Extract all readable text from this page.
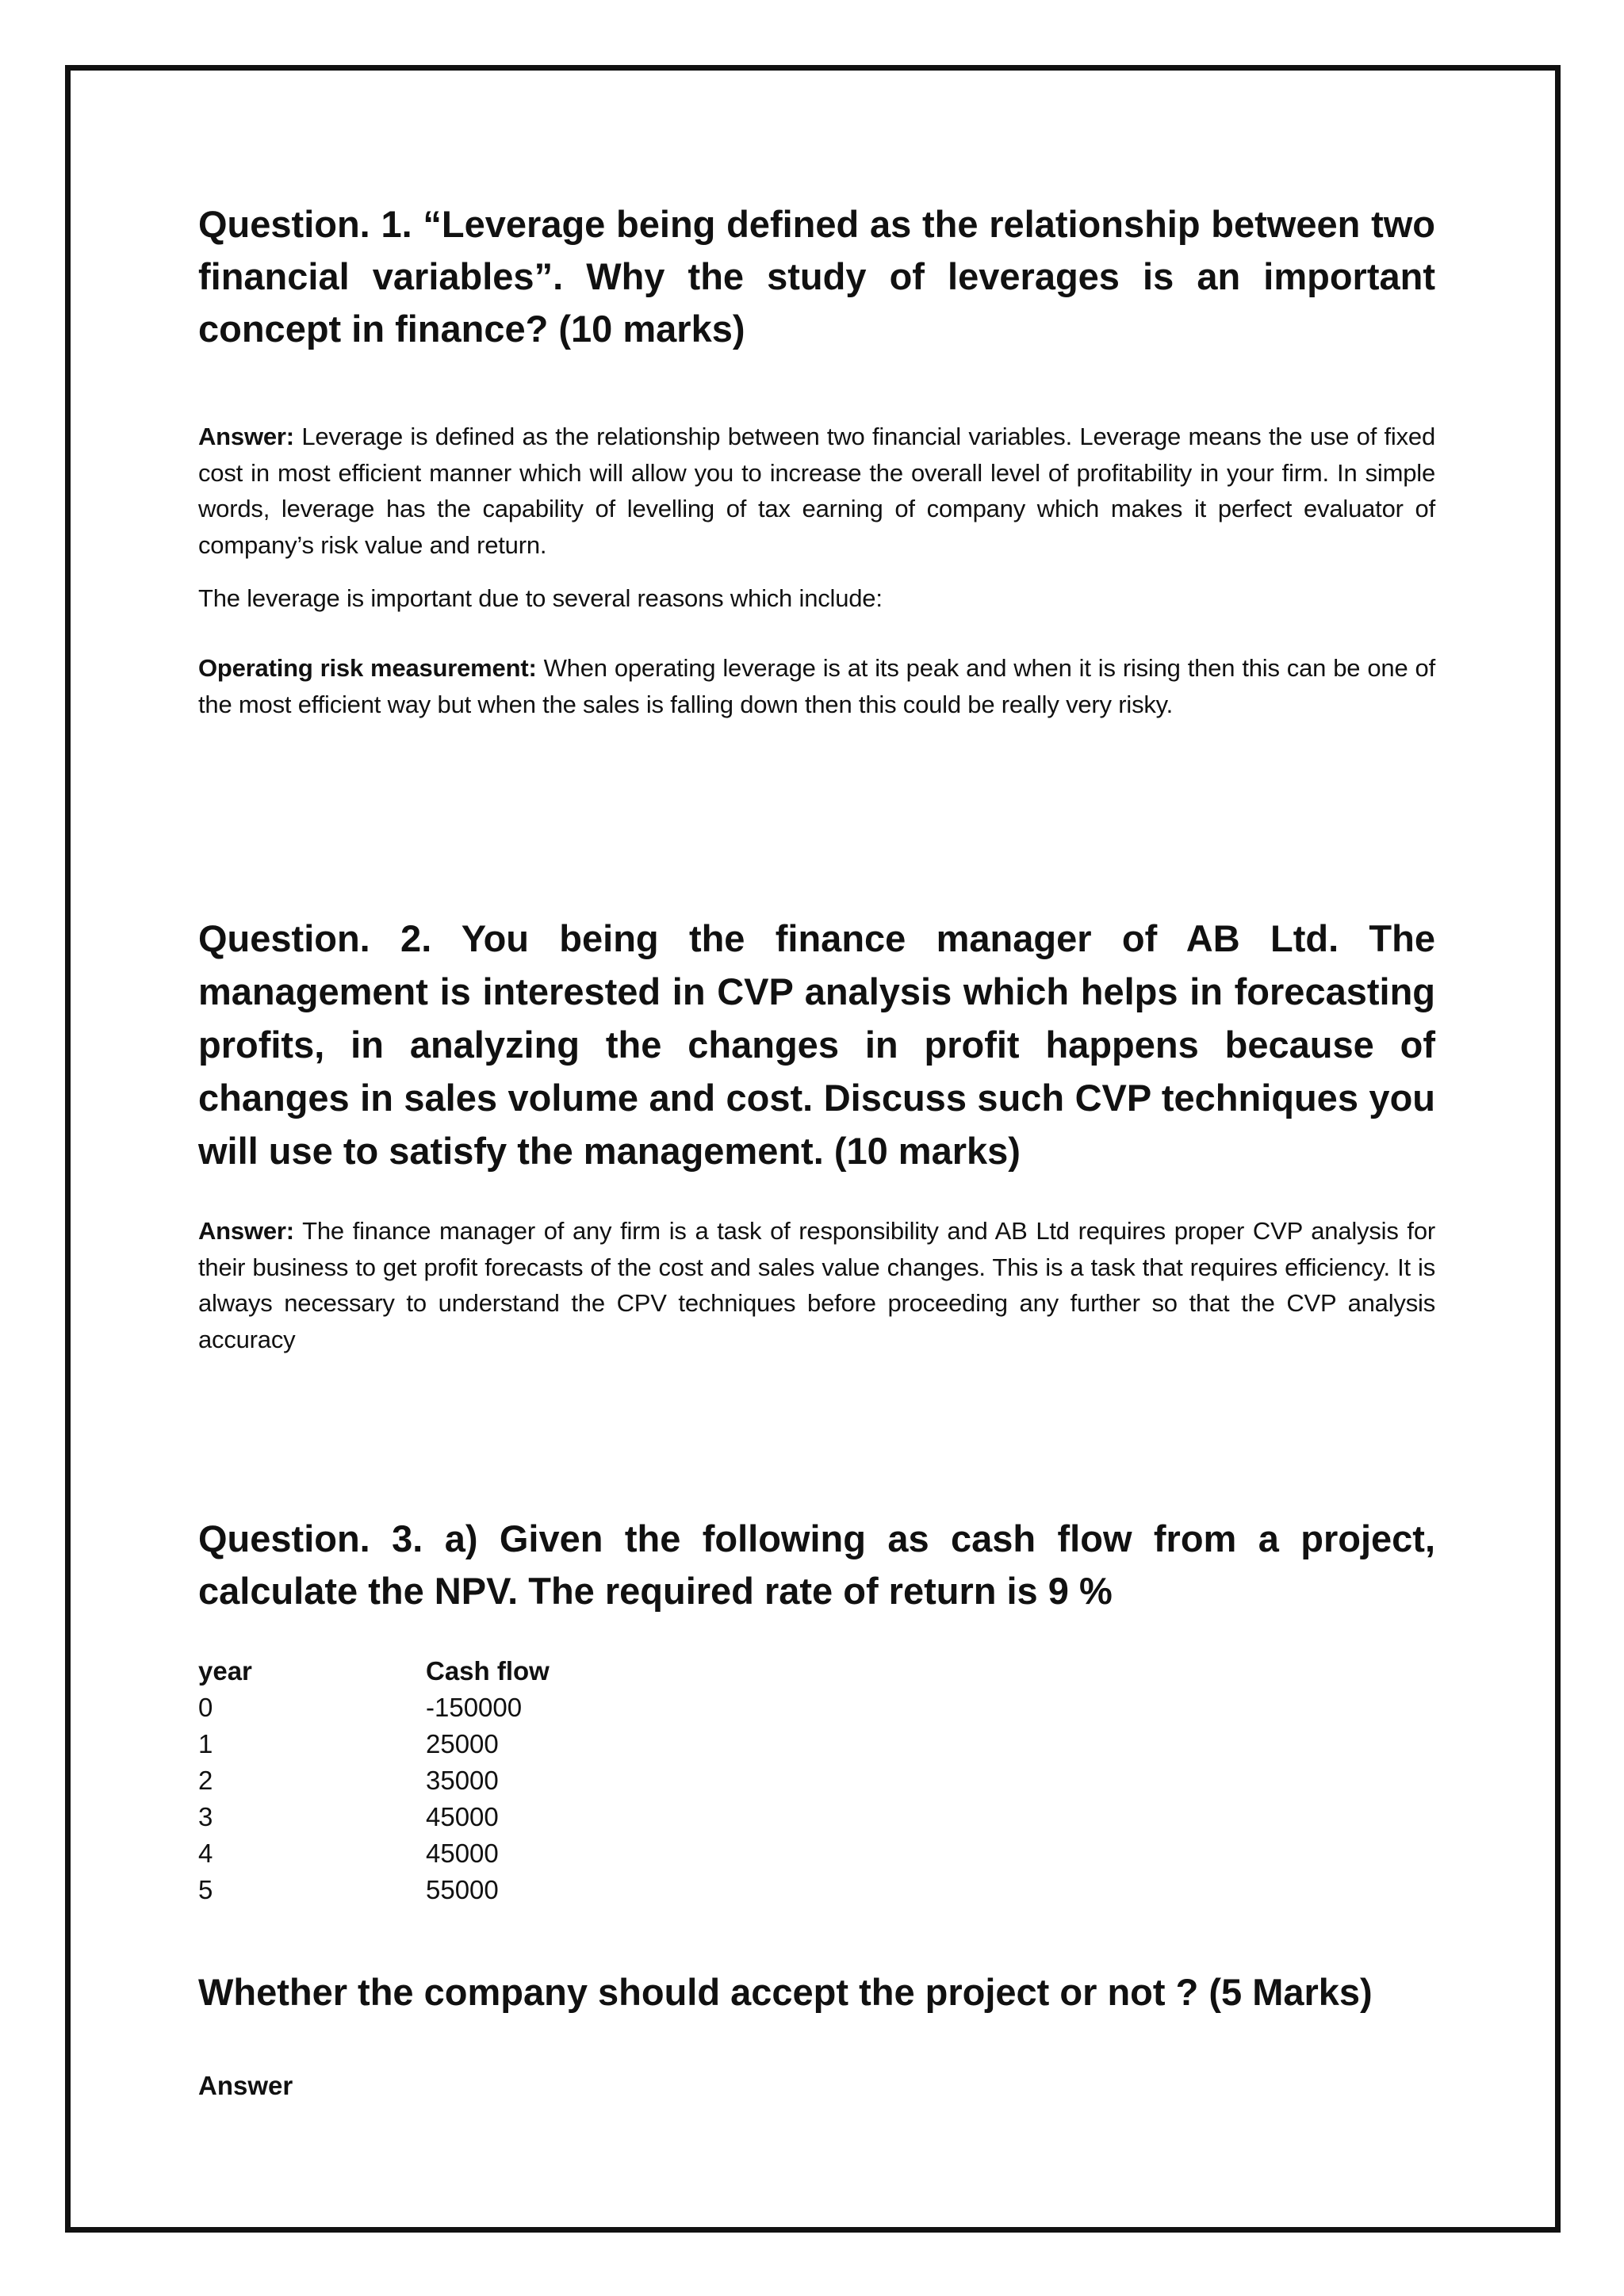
Question. 1. “Leverage being defined as the relationship between two financial variables”. Why the study of leverages is an important concept in finance? (10 marks)

Answer: Leverage is defined as the relationship between two financial variables. Leverage means the use of fixed cost in most efficient manner which will allow you to increase the overall level of profitability in your firm. In simple words, leverage has the capability of levelling of tax earning of company which makes it perfect evaluator of company’s risk value and return.

The leverage is important due to several reasons which include:

Operating risk measurement: When operating leverage is at its peak and when it is rising then this can be one of the most efficient way but when the sales is falling down then this could be really very risky.

Question. 2. You being the finance manager of AB Ltd. The management is interested in CVP analysis which helps in forecasting profits, in analyzing the changes in profit happens because of changes in sales volume and cost. Discuss such CVP techniques you will use to satisfy the management. (10 marks)

Answer: The finance manager of any firm is a task of responsibility and AB Ltd requires proper CVP analysis for their business to get profit forecasts of the cost and sales value changes. This is a task that requires efficiency. It is always necessary to understand the CPV techniques before proceeding any further so that the CVP analysis accuracy

Question. 3. a) Given the following as cash flow from a project, calculate the NPV. The required rate of return is 9 %

year	Cash flow
0	-150000
1	25000
2	35000
3	45000
4	45000
5	55000

Whether the company should accept the project or not ? (5 Marks)

Answer
